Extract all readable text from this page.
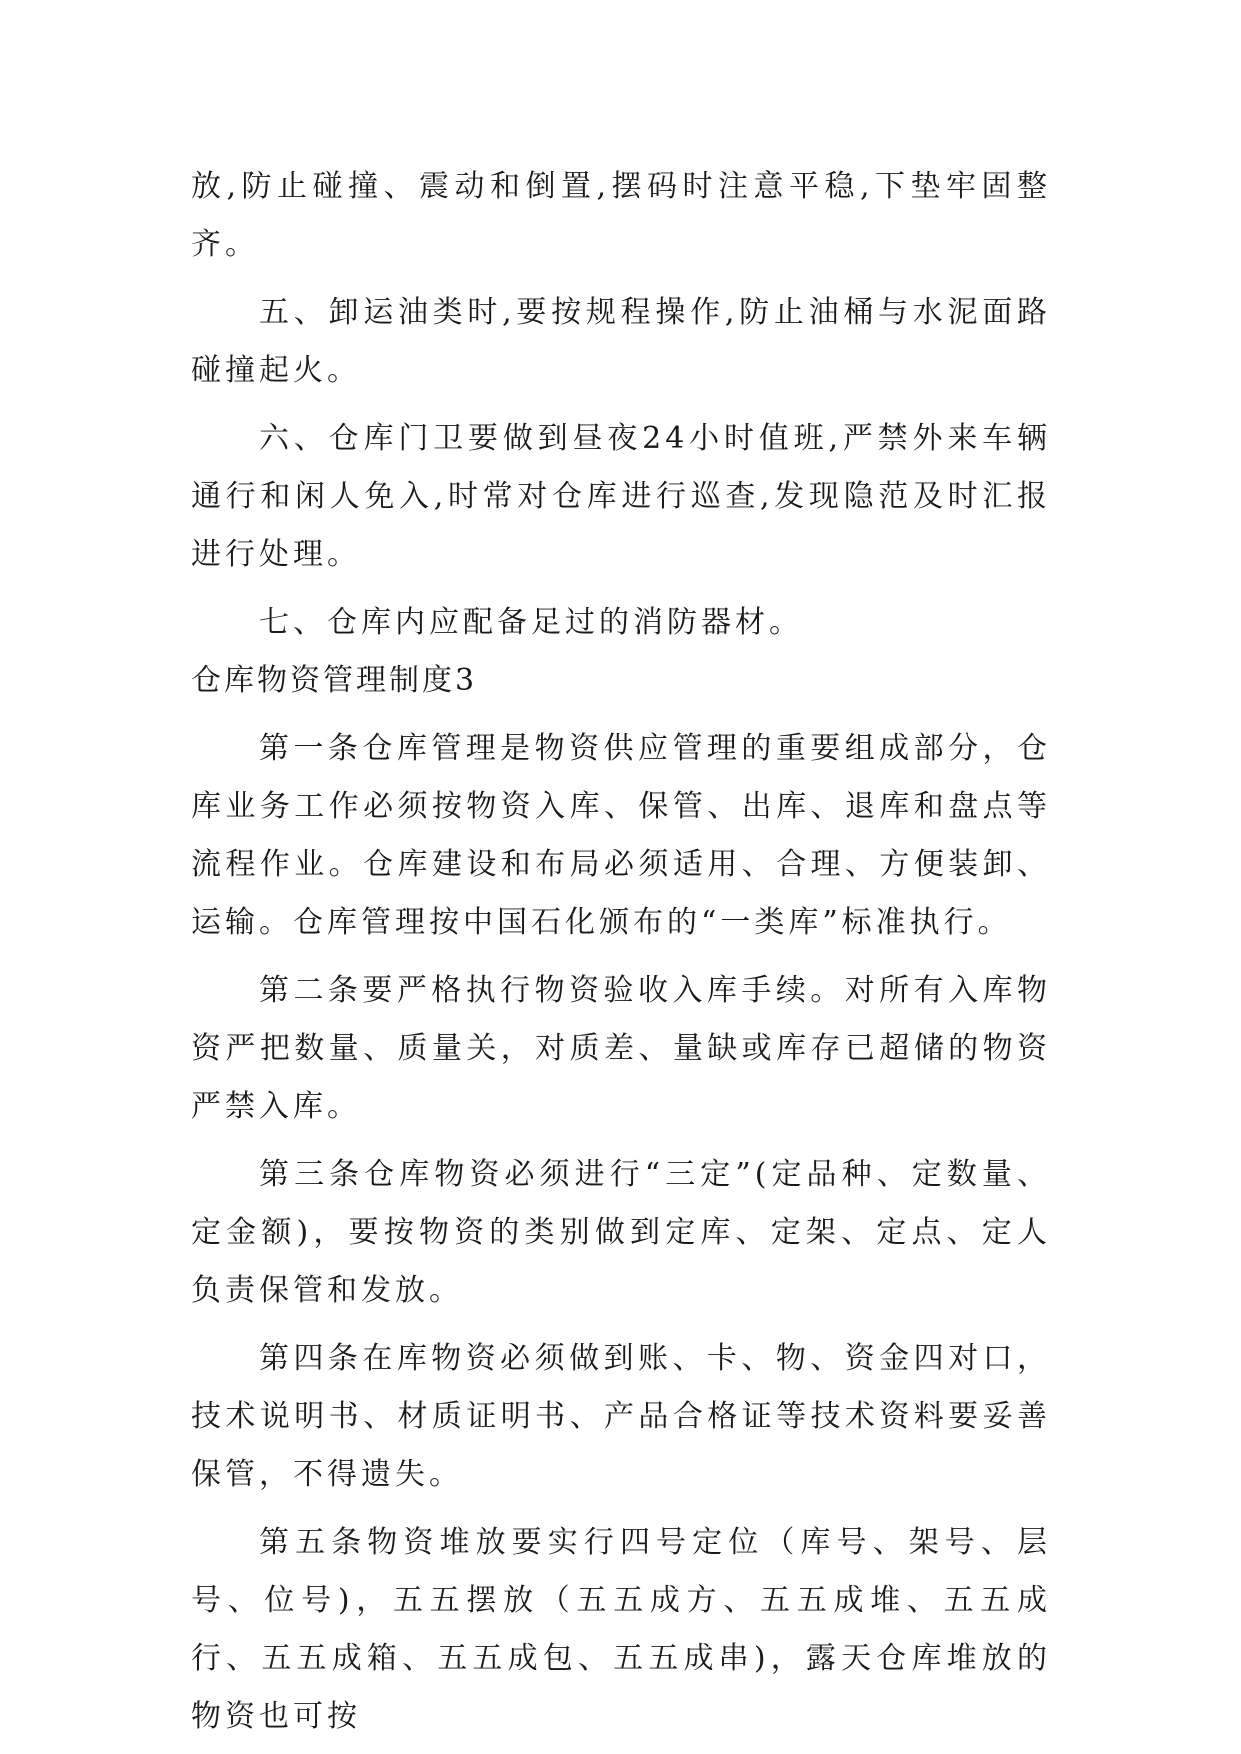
放,防止碰撞、震动和倒置,摆码时注意平稳,下垫牢固整齐。

五、卸运油类时,要按规程操作,防止油桶与水泥面路碰撞起火。

六、仓库门卫要做到昼夜24小时值班,严禁外来车辆通行和闲人免入,时常对仓库进行巡查,发现隐范及时汇报进行处理。

七、仓库内应配备足过的消防器材。

仓库物资管理制度3

第一条仓库管理是物资供应管理的重要组成部分，仓库业务工作必须按物资入库、保管、出库、退库和盘点等流程作业。仓库建设和布局必须适用、合理、方便装卸、运输。仓库管理按中国石化颁布的“一类库”标准执行。

第二条要严格执行物资验收入库手续。对所有入库物资严把数量、质量关，对质差、量缺或库存已超储的物资严禁入库。

第三条仓库物资必须进行“三定”(定品种、定数量、定金额)，要按物资的类别做到定库、定架、定点、定人负责保管和发放。

第四条在库物资必须做到账、卡、物、资金四对口，技术说明书、材质证明书、产品合格证等技术资料要妥善保管，不得遗失。

第五条物资堆放要实行四号定位（库号、架号、层号、位号)，五五摆放（五五成方、五五成堆、五五成行、五五成箱、五五成包、五五成串)，露天仓库堆放的物资也可按
